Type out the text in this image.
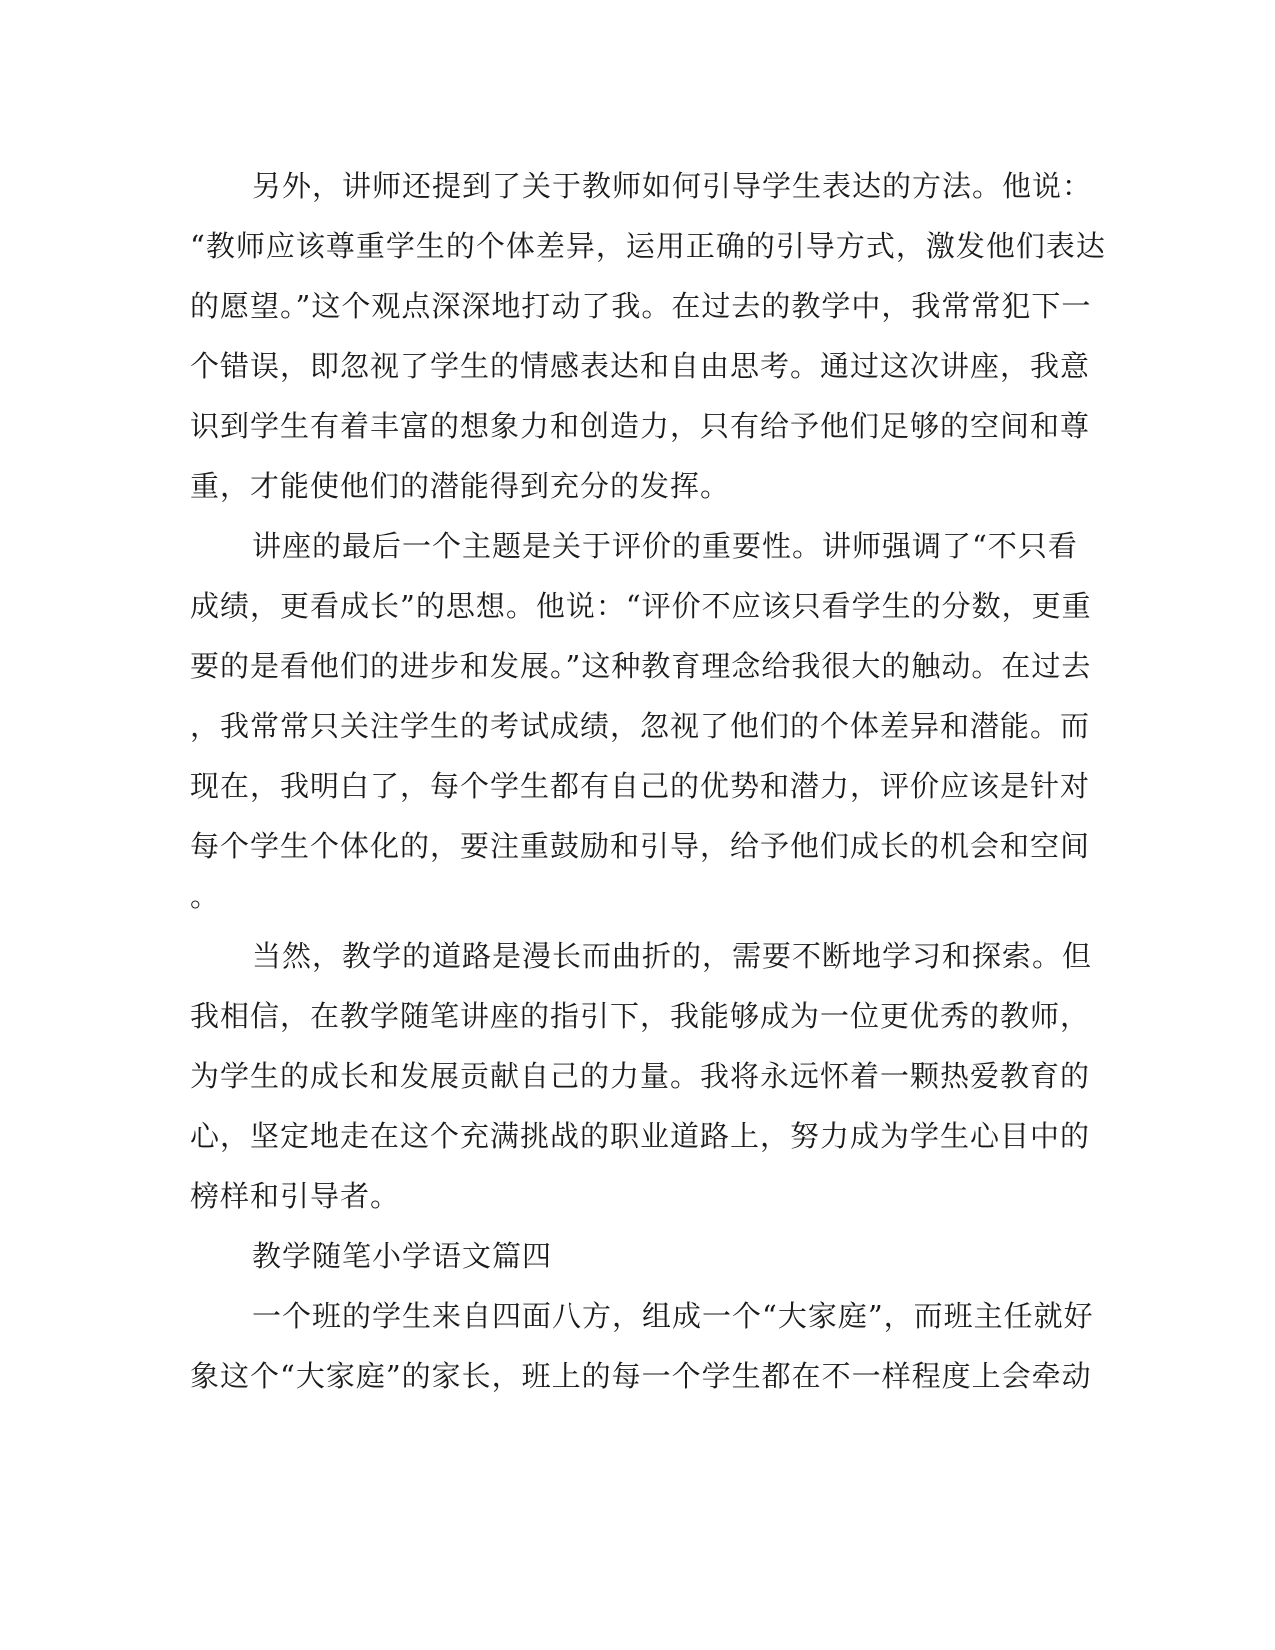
另外，讲师还提到了关于教师如何引导学生表达的方法。他说：
“教师应该尊重学生的个体差异，运用正确的引导方式，激发他们表达
的愿望。”这个观点深深地打动了我。在过去的教学中，我常常犯下一
个错误，即忽视了学生的情感表达和自由思考。通过这次讲座，我意
识到学生有着丰富的想象力和创造力，只有给予他们足够的空间和尊
重，才能使他们的潜能得到充分的发挥。
讲座的最后一个主题是关于评价的重要性。讲师强调了“不只看
成绩，更看成长”的思想。他说：“评价不应该只看学生的分数，更重
要的是看他们的进步和发展。”这种教育理念给我很大的触动。在过去
，我常常只关注学生的考试成绩，忽视了他们的个体差异和潜能。而
现在，我明白了，每个学生都有自己的优势和潜力，评价应该是针对
每个学生个体化的，要注重鼓励和引导，给予他们成长的机会和空间
。
当然，教学的道路是漫长而曲折的，需要不断地学习和探索。但
我相信，在教学随笔讲座的指引下，我能够成为一位更优秀的教师，
为学生的成长和发展贡献自己的力量。我将永远怀着一颗热爱教育的
心，坚定地走在这个充满挑战的职业道路上，努力成为学生心目中的
榜样和引导者。
教学随笔小学语文篇四
一个班的学生来自四面八方，组成一个“大家庭”，而班主任就好
象这个“大家庭”的家长，班上的每一个学生都在不一样程度上会牵动
